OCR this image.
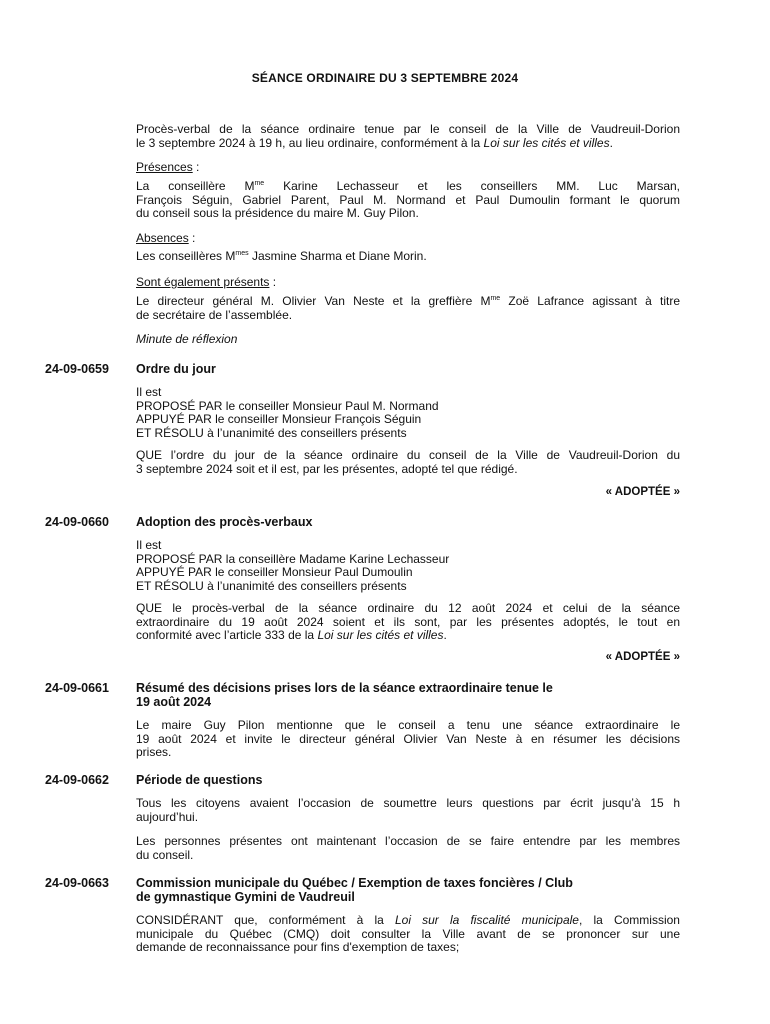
SÉANCE ORDINAIRE DU 3 SEPTEMBRE 2024
Procès-verbal de la séance ordinaire tenue par le conseil de la Ville de Vaudreuil-Dorion
le 3 septembre 2024 à 19 h, au lieu ordinaire, conformément à la Loi sur les cités et villes.
Présences :
La conseillère $M^{me}$ Karine Lechasseur et les conseillers MM. Luc Marsan,
François Séguin, Gabriel Parent, Paul M. Normand et Paul Dumoulin formant le quorum
du conseil sous la présidence du maire M. Guy Pilon.
Absences :
Les conseillères $M^{mes}$ Jasmine Sharma et Diane Morin.
Sont également présents :
Le directeur général M. Olivier Van Neste et la greffière $M^{me}$ Zoë Lafrance agissant à titre
de secrétaire de l’assemblée.
Minute de réflexion
24-09-0659 Ordre du jour
Il est
PROPOSÉ PAR le conseiller Monsieur Paul M. Normand
APPUYÉ PAR le conseiller Monsieur François Séguin
ET RÉSOLU à l’unanimité des conseillers présents
QUE l’ordre du jour de la séance ordinaire du conseil de la Ville de Vaudreuil-Dorion du
3 septembre 2024 soit et il est, par les présentes, adopté tel que rédigé.
« ADOPTÉE »
24-09-0660 Adoption des procès-verbaux
Il est
PROPOSÉ PAR la conseillère Madame Karine Lechasseur
APPUYÉ PAR le conseiller Monsieur Paul Dumoulin
ET RÉSOLU à l’unanimité des conseillers présents
QUE le procès-verbal de la séance ordinaire du 12 août 2024 et celui de la séance
extraordinaire du 19 août 2024 soient et ils sont, par les présentes adoptés, le tout en
conformité avec l’article 333 de la Loi sur les cités et villes.
« ADOPTÉE »
24-09-0661 Résumé des décisions prises lors de la séance extraordinaire tenue le
19 août 2024
Le maire Guy Pilon mentionne que le conseil a tenu une séance extraordinaire le
19 août 2024 et invite le directeur général Olivier Van Neste à en résumer les décisions
prises.
24-09-0662 Période de questions
Tous les citoyens avaient l’occasion de soumettre leurs questions par écrit jusqu’à 15 h
aujourd’hui.
Les personnes présentes ont maintenant l’occasion de se faire entendre par les membres
du conseil.
24-09-0663 Commission municipale du Québec / Exemption de taxes foncières / Club
de gymnastique Gymini de Vaudreuil
CONSIDÉRANT que, conformément à la Loi sur la fiscalité municipale, la Commission
municipale du Québec (CMQ) doit consulter la Ville avant de se prononcer sur une
demande de reconnaissance pour fins d'exemption de taxes;
